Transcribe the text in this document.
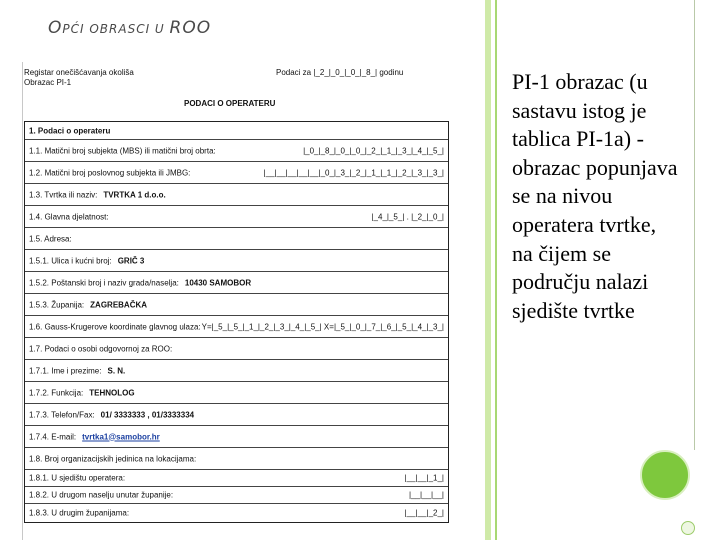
OPĆI OBRASCI U ROO
Registar onečišćavanja okoliša
Obrazac PI-1
Podaci za |_2_|_0_|_0_|_8_| godinu
PODACI O OPERATERU
1. Podaci o operateru
1.1. Matični broj subjekta (MBS) ili matični broj obrta:	|_0_|_8_|_0_|_0_|_2_|_1_|_3_|_4_|_5_|
1.2. Matični broj poslovnog subjekta ili JMBG:	|__|__|__|__|__|_0_|_3_|_2_|_1_|_1_|_2_|_3_|_3_|
1.3. Tvrtka ili naziv: TVRTKA 1 d.o.o.
1.4. Glavna djelatnost:	|_4_|_5_| . |_2_|_0_|
1.5. Adresa:
1.5.1. Ulica i kućni broj: GRIČ 3
1.5.2. Poštanski broj i naziv grada/naselja: 10430 SAMOBOR
1.5.3. Županija: ZAGREBAČKA
1.6. Gauss-Krugerove koordinate glavnog ulaza: Y=|_5_|_5_|_1_|_2_|_3_|_4_|_5_| X=|_5_|_0_|_7_|_6_|_5_|_4_|_3_|
1.7. Podaci o osobi odgovornoj za ROO:
1.7.1. Ime i prezime: S. N.
1.7.2. Funkcija: TEHNOLOG
1.7.3. Telefon/Fax: 01/ 3333333 , 01/3333334
1.7.4. E-mail: tvrtka1@samobor.hr
1.8. Broj organizacijskih jedinica na lokacijama:
1.8.1. U sjedištu operatera:	|__|__|_1_|
1.8.2. U drugom naselju unutar županije:	|__|__|__|
1.8.3. U drugim županijama:	|__|__|_2_|

PI-1 obrazac (u sastavu istog je tablica PI-1a) - obrazac popunjava se na nivou operatera tvrtke, na čijem se području nalazi sjedište tvrtke
